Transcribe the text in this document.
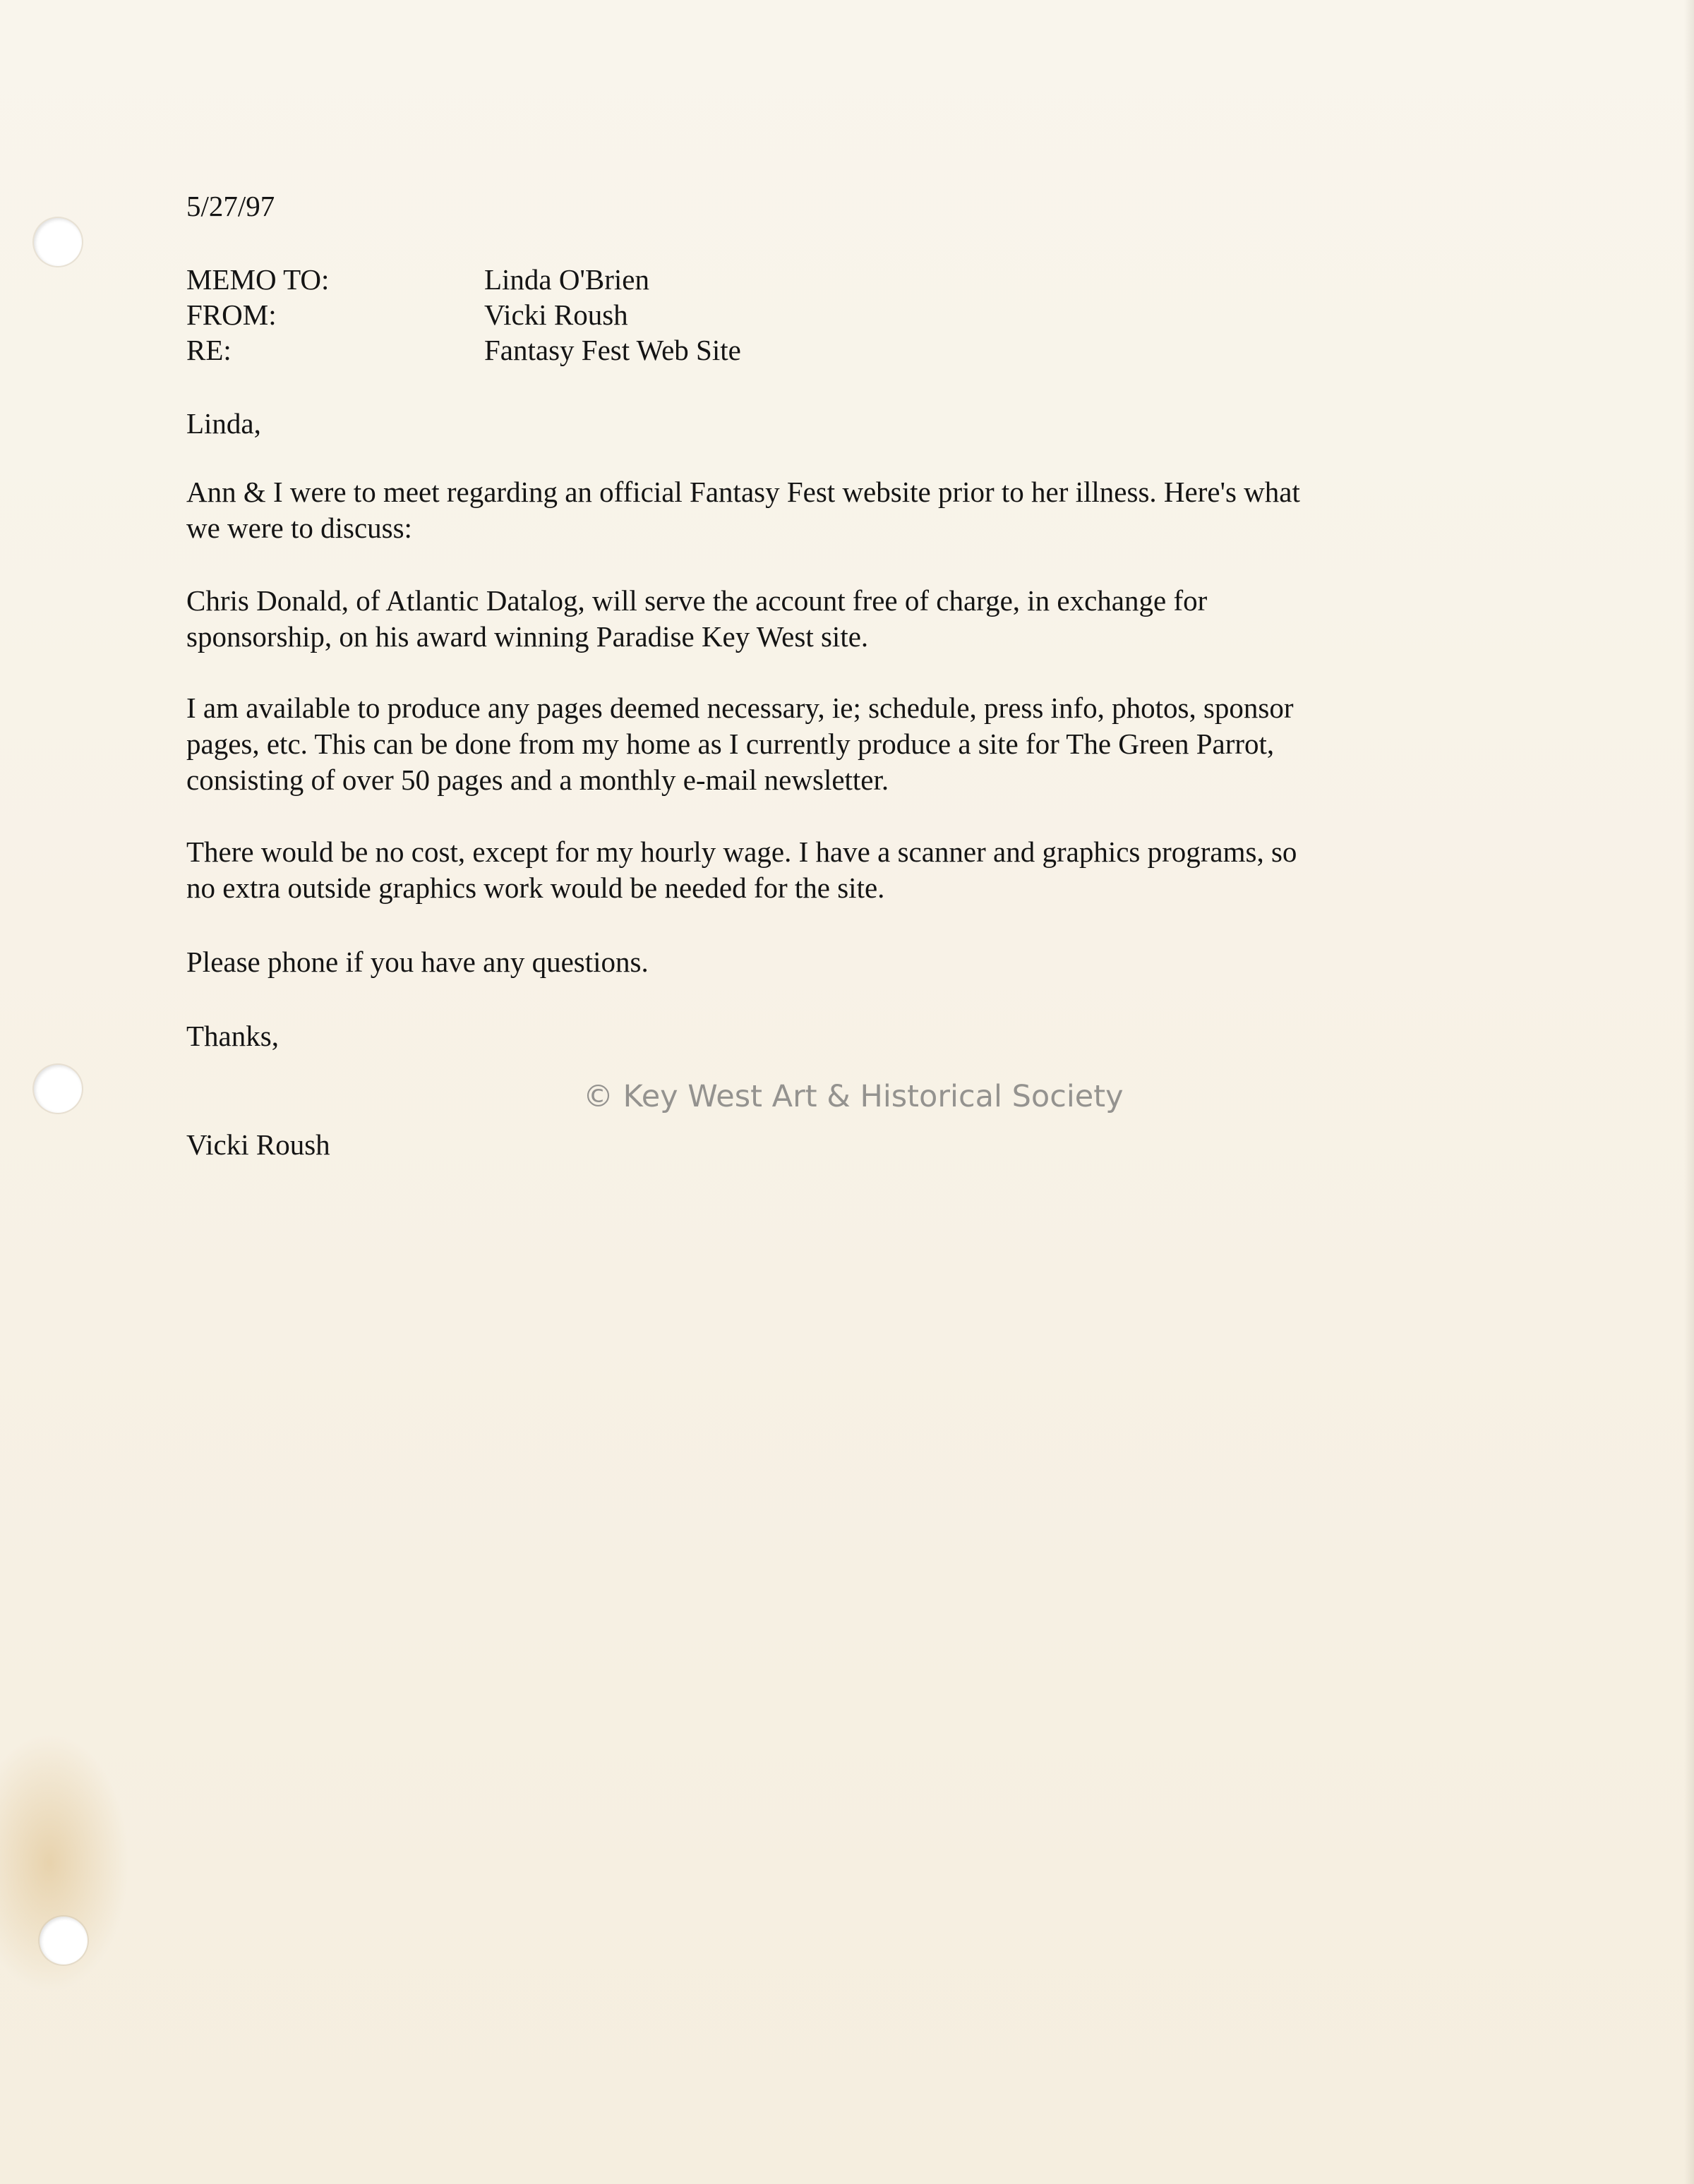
5/27/97
MEMO TO:	Linda O'Brien
FROM:	Vicki Roush
RE:	Fantasy Fest Web Site
Linda,
Ann & I were to meet regarding an official Fantasy Fest website prior to her illness. Here's what
we were to discuss:
Chris Donald, of Atlantic Datalog, will serve the account free of charge, in exchange for
sponsorship, on his award winning Paradise Key West site.
I am available to produce any pages deemed necessary, ie; schedule, press info, photos, sponsor
pages, etc. This can be done from my home as I currently produce a site for The Green Parrot,
consisting of over 50 pages and a monthly e-mail newsletter.
There would be no cost, except for my hourly wage. I have a scanner and graphics programs, so
no extra outside graphics work would be needed for the site.
Please phone if you have any questions.
Thanks,
© Key West Art & Historical Society
Vicki Roush
